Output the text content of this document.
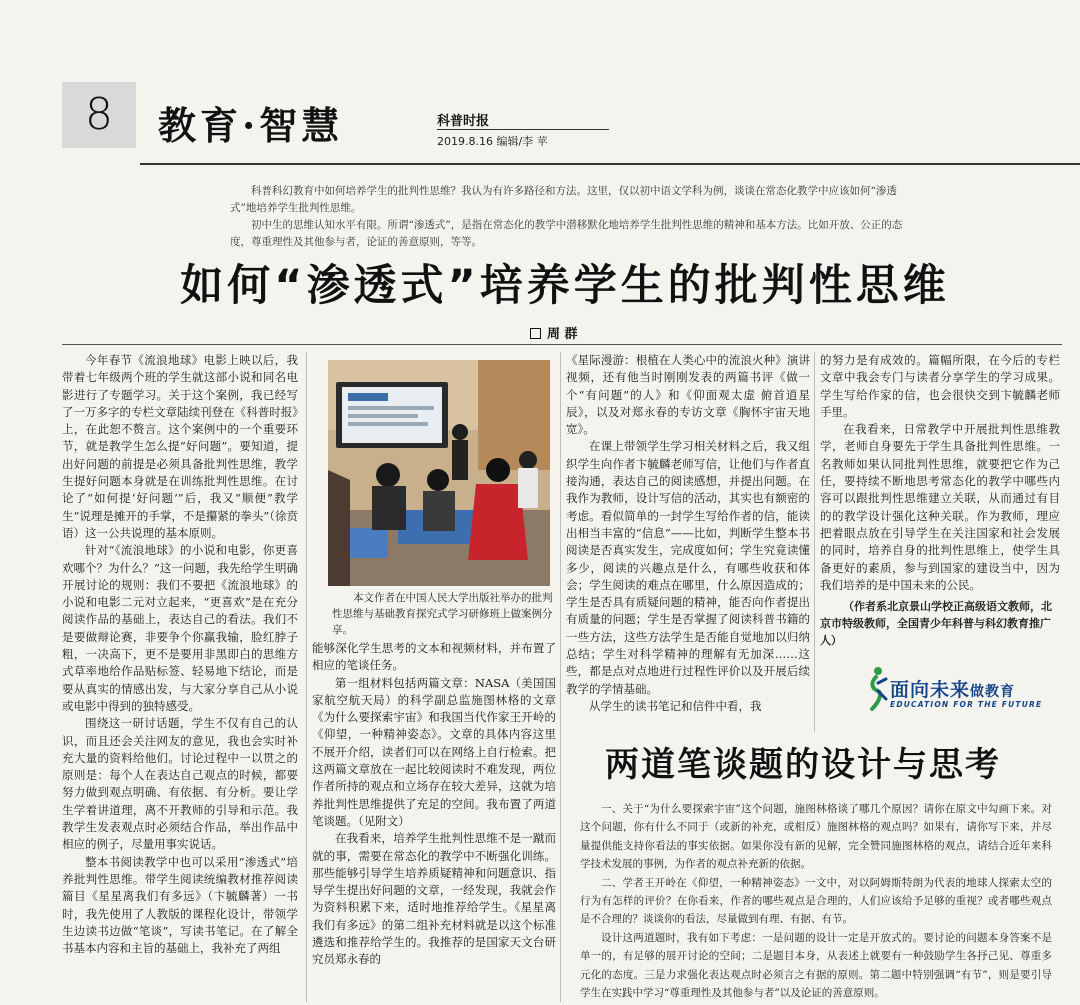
8	教育·智慧	科普时报
2019.8.16 编辑/李 苹

科普科幻教育中如何培养学生的批判性思维？我认为有许多路径和方法。这里，仅以初中语文学科为例，谈谈在常态化教学中应该如何“渗透式”地培养学生批判性思维。

初中生的思维认知水平有限。所谓“渗透式”，是指在常态化的教学中潜移默化地培养学生批判性思维的精神和基本方法。比如开放、公正的态度，尊重理性及其他参与者，论证的善意原则，等等。

如何“渗透式”培养学生的批判性思维
周 群

今年春节《流浪地球》电影上映以后，我带着七年级两个班的学生就这部小说和同名电影进行了专题学习。关于这个案例，我已经写了一万多字的专栏文章陆续刊登在《科普时报》上，在此恕不赘言。这个案例中的一个重要环节，就是教学生怎么提“好问题”。要知道，提出好问题的前提是必须具备批判性思维，教学生提好问题本身就是在训练批判性思维。在讨论了“如何提‘好问题’”后，我又“顺便”教学生“说理是摊开的手掌，不是攥紧的拳头”（徐贲语）这一公共说理的基本原则。

针对“《流浪地球》的小说和电影，你更喜欢哪个？为什么？”这一问题，我先给学生明确开展讨论的规则：我们不要把《流浪地球》的小说和电影二元对立起来，“更喜欢”是在充分阅读作品的基础上，表达自己的看法。我们不是要做辩论赛，非要争个你赢我输，脸红脖子粗，一决高下，更不是要用非黑即白的思维方式草率地给作品贴标签、轻易地下结论，而是要从真实的情感出发，与大家分享自己从小说或电影中得到的独特感受。

围绕这一研讨话题，学生不仅有自己的认识，而且还会关注网友的意见，我也会实时补充大量的资料给他们。讨论过程中一以贯之的原则是：每个人在表达自己观点的时候，都要努力做到观点明确、有依据、有分析。要让学生学着讲道理，离不开教师的引导和示范。我教学生发表观点时必须结合作品，举出作品中相应的例子，尽量用事实说话。

整本书阅读教学中也可以采用“渗透式”培养批判性思维。带学生阅读统编教材推荐阅读篇目《星星离我们有多远》（卞毓麟著）一书时，我先使用了人教版的课程化设计，带领学生边读书边做“笔谈”，写读书笔记。在了解全书基本内容和主旨的基础上，我补充了两组

本文作者在中国人民大学出版社举办的批判性思维与基础教育探究式学习研修班上做案例分享。

能够深化学生思考的文本和视频材料，并布置了相应的笔谈任务。

第一组材料包括两篇文章：NASA（美国国家航空航天局）的科学副总监施图林格的文章《为什么要探索宇宙》和我国当代作家王开岭的《仰望，一种精神姿态》。文章的具体内容这里不展开介绍，读者们可以在网络上自行检索。把这两篇文章放在一起比较阅读时不难发现，两位作者所持的观点和立场存在较大差异，这就为培养批判性思维提供了充足的空间。我布置了两道笔谈题。（见附文）

在我看来，培养学生批判性思维不是一蹴而就的事，需要在常态化的教学中不断强化训练。那些能够引导学生培养质疑精神和问题意识、指导学生提出好问题的文章，一经发现，我就会作为资料积累下来，适时地推荐给学生。《星星离我们有多远》的第二组补充材料就是以这个标准遴选和推荐给学生的。我推荐的是国家天文台研究员郑永春的

《星际漫游：根植在人类心中的流浪火种》演讲视频，还有他当时刚刚发表的两篇书评《做一个“有问题”的人》和《仰面观太虚 俯首逍星辰》，以及对郑永春的专访文章《胸怀宇宙天地宽》。

在课上带领学生学习相关材料之后，我又组织学生向作者卞毓麟老师写信，让他们与作者直接沟通，表达自己的阅读感想，并提出问题。在我作为教师，设计写信的活动，其实也有额密的考虑。看似简单的一封学生写给作者的信，能读出相当丰富的“信息”——比如，判断学生整本书阅读是否真实发生，完成度如何；学生究竟读懂多少，阅读的兴趣点是什么，有哪些收获和体会；学生阅读的难点在哪里，什么原因造成的；学生是否具有质疑问题的精神，能否向作者提出有质量的问题；学生是否掌握了阅读科普书籍的一些方法，这些方法学生是否能自觉地加以归纳总结；学生对科学精神的理解有无加深……这些，都是点对点地进行过程性评价以及开展后续教学的学情基础。

从学生的读书笔记和信件中看，我

的努力是有成效的。篇幅所限，在今后的专栏文章中我会专门与读者分享学生的学习成果。学生写给作家的信，也会很快交到卞毓麟老师手里。

在我看来，日常教学中开展批判性思维教学，老师自身要先于学生具备批判性思维。一名教师如果认同批判性思维，就要把它作为己任，要持续不断地思考常态化的教学中哪些内容可以跟批判性思维建立关联，从而通过有目的的教学设计强化这种关联。作为教师，理应把着眼点放在引导学生在关注国家和社会发展的同时，培养自身的批判性思维上，使学生具备更好的素质，参与到国家的建设当中，因为我们培养的是中国未来的公民。

（作者系北京景山学校正高级语文教师，北京市特级教师，全国青少年科普与科幻教育推广人）
面向未来做教育
EDUCATION FOR THE FUTURE
两道笔谈题的设计与思考

一、关于“为什么要探索宇宙”这个问题，施图林格谈了哪几个原因？请你在原文中勾画下来。对这个问题，你有什么不同于（或新的补充，或相反）施图林格的观点吗？如果有，请你写下来，并尽量提供能支持你看法的事实依据。如果你没有新的见解，完全赞同施图林格的观点，请结合近年来科学技术发展的事例，为作者的观点补充新的依据。

二、学者王开岭在《仰望，一种精神姿态》一文中，对以阿姆斯特朗为代表的地球人探索太空的行为有怎样的评价？在你看来，作者的哪些观点是合理的，人们应该给予足够的重视？或者哪些观点是不合理的？谈谈你的看法，尽量做到有理、有据、有节。

设计这两道题时，我有如下考虑：一是问题的设计一定是开放式的。要讨论的问题本身答案不是单一的，有足够的展开讨论的空间；二是题目本身，从表述上就要有一种鼓励学生各抒己见、尊重多元化的态度。三是力求强化表达观点时必须言之有据的原则。第二题中特别强调“有节”，则是要引导学生在实践中学习“尊重理性及其他参与者”以及论证的善意原则。
